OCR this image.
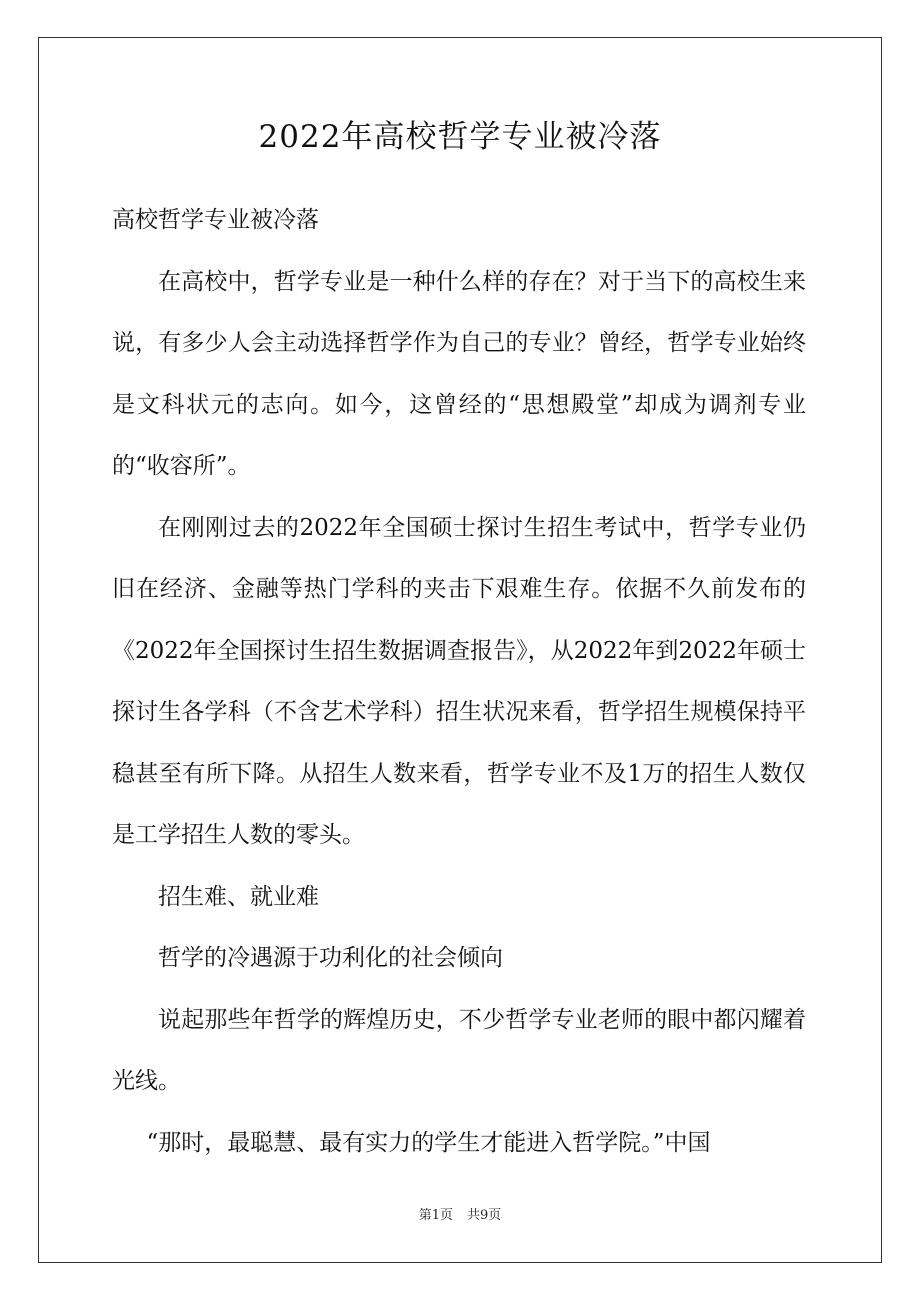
2022年高校哲学专业被冷落

高校哲学专业被冷落

在高校中，哲学专业是一种什么样的存在？对于当下的高校生来说，有多少人会主动选择哲学作为自己的专业？曾经，哲学专业始终是文科状元的志向。如今，这曾经的“思想殿堂”却成为调剂专业的“收容所”。

在刚刚过去的2022年全国硕士探讨生招生考试中，哲学专业仍旧在经济、金融等热门学科的夹击下艰难生存。依据不久前发布的《2022年全国探讨生招生数据调查报告》，从2022年到2022年硕士探讨生各学科（不含艺术学科）招生状况来看，哲学招生规模保持平稳甚至有所下降。从招生人数来看，哲学专业不及1万的招生人数仅是工学招生人数的零头。

招生难、就业难

哲学的冷遇源于功利化的社会倾向

说起那些年哲学的辉煌历史，不少哲学专业老师的眼中都闪耀着光线。

“那时，最聪慧、最有实力的学生才能进入哲学院。”中国

第1页 共9页
